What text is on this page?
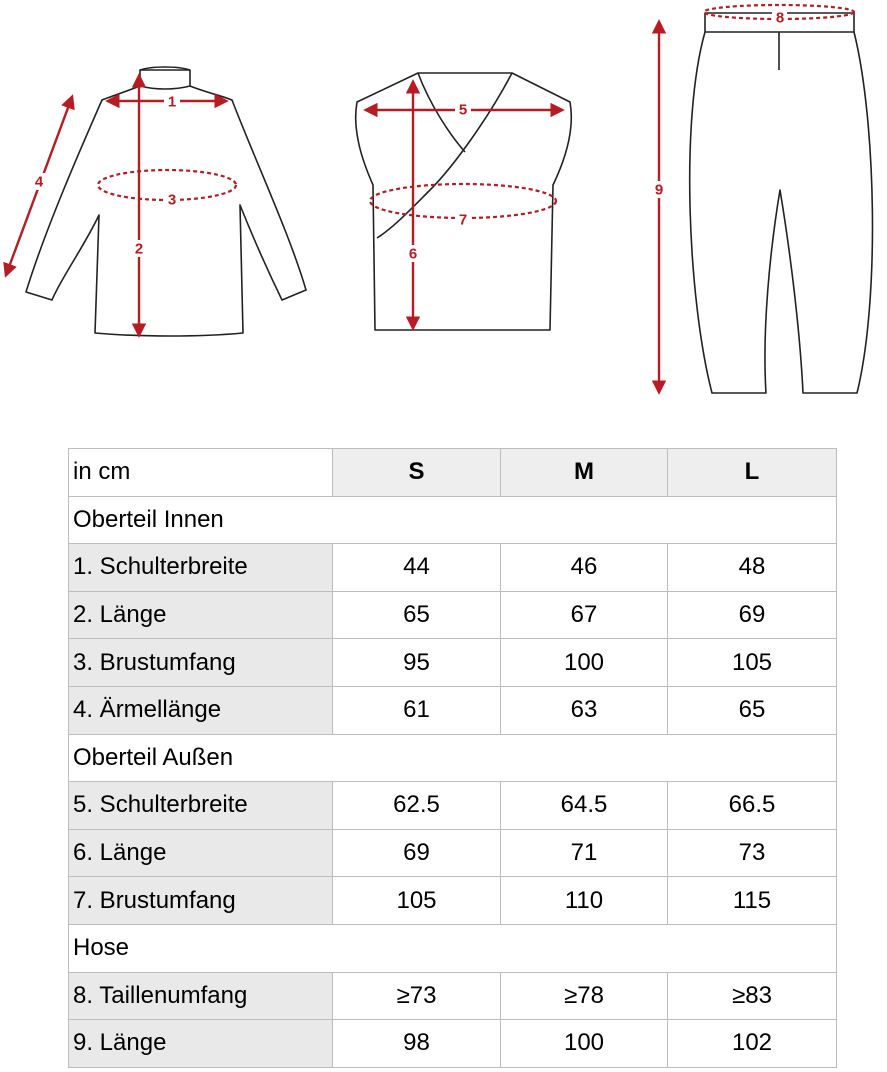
1
2
3
4
5
6
7
8
9
in cm	S	M	L
Oberteil Innen			
1. Schulterbreite	44	46	48
2. Länge	65	67	69
3. Brustumfang	95	100	105
4. Ärmellänge	61	63	65
Oberteil Außen			
5. Schulterbreite	62.5	64.5	66.5
6. Länge	69	71	73
7. Brustumfang	105	110	115
Hose			
8. Taillenumfang	≥73	≥78	≥83
9. Länge	98	100	102
